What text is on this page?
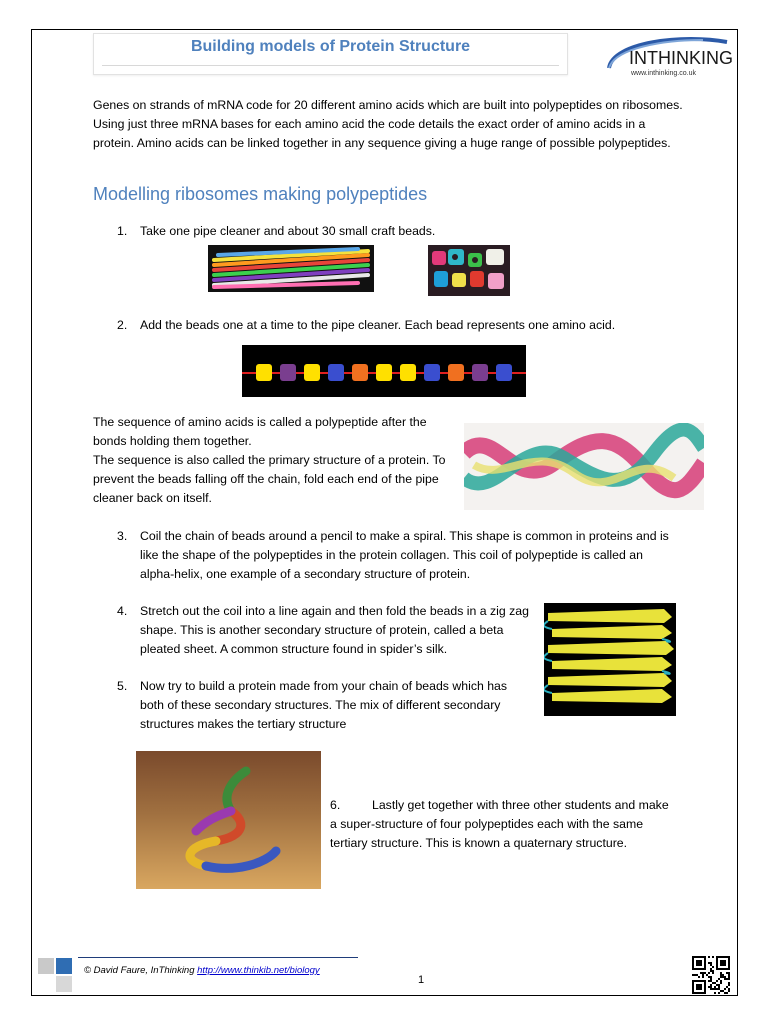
Building models of Protein Structure
INTHINKING
www.inthinking.co.uk
Genes on strands of mRNA code for 20 different amino acids which are built into polypeptides on ribosomes. Using just three mRNA bases for each amino acid the code details the exact order of amino acids in a protein. Amino acids can be linked together in any sequence giving a huge range of possible polypeptides.
Modelling ribosomes making polypeptides
1. Take one pipe cleaner and about 30 small craft beads.
2. Add the beads one at a time to the pipe cleaner. Each bead represents one amino acid.
The sequence of amino acids is called a polypeptide after the bonds holding them together.
The sequence is also called the primary structure of a protein. To prevent the beads falling off the chain, fold each end of the pipe cleaner back on itself.
3. Coil the chain of beads around a pencil to make a spiral. This shape is common in proteins and is like the shape of the polypeptides in the protein collagen. This coil of polypeptide is called an alpha-helix, one example of a secondary structure of protein.
4. Stretch out the coil into a line again and then fold the beads in a zig zag shape. This is another secondary structure of protein, called a beta pleated sheet. A common structure found in spider’s silk.
5. Now try to build a protein made from your chain of beads which has both of these secondary structures. The mix of different secondary structures makes the tertiary structure
6.	Lastly get together with three other students and make a super-structure of four polypeptides each with the same tertiary structure. This is known a quaternary structure.
© David Faure, InThinking http://www.thinkib.net/biology
1
